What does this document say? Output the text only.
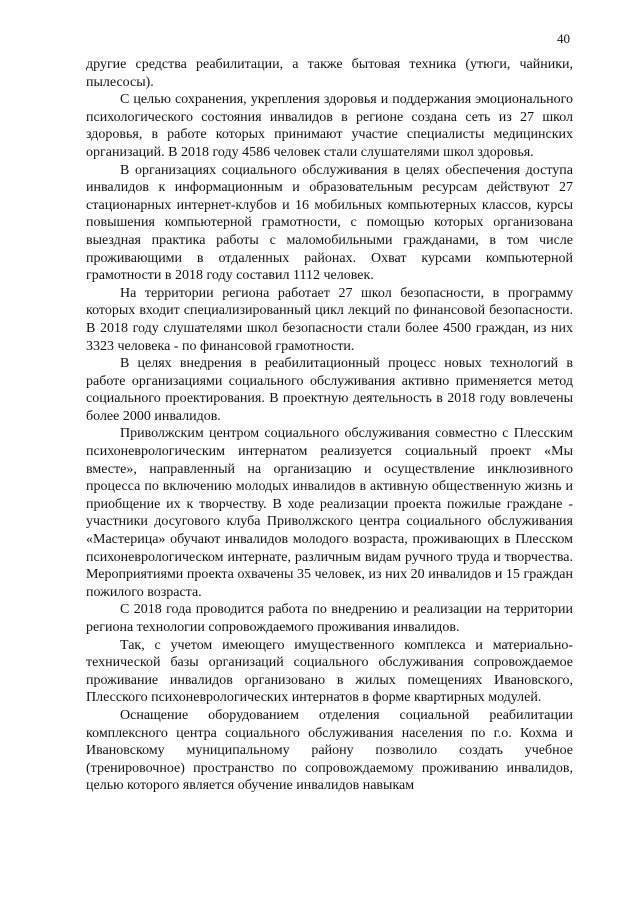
40

другие средства реабилитации, а также бытовая техника (утюги, чайники, пылесосы).

С целью сохранения, укрепления здоровья и поддержания эмоционального психологического состояния инвалидов в регионе создана сеть из 27 школ здоровья, в работе которых принимают участие специалисты медицинских организаций. В 2018 году 4586 человек стали слушателями школ здоровья.

В организациях социального обслуживания в целях обеспечения доступа инвалидов к информационным и образовательным ресурсам действуют 27 стационарных интернет-клубов и 16 мобильных компьютерных классов, курсы повышения компьютерной грамотности, с помощью которых организована выездная практика работы с маломобильными гражданами, в том числе проживающими в отдаленных районах. Охват курсами компьютерной грамотности в 2018 году составил 1112 человек.

На территории региона работает 27 школ безопасности, в программу которых входит специализированный цикл лекций по финансовой безопасности. В 2018 году слушателями школ безопасности стали более 4500 граждан, из них 3323 человека - по финансовой грамотности.

В целях внедрения в реабилитационный процесс новых технологий в работе организациями социального обслуживания активно применяется метод социального проектирования. В проектную деятельность в 2018 году вовлечены более 2000 инвалидов.

Приволжским центром социального обслуживания совместно с Плесским психоневрологическим интернатом реализуется социальный проект «Мы вместе», направленный на организацию и осуществление инклюзивного процесса по включению молодых инвалидов в активную общественную жизнь и приобщение их к творчеству. В ходе реализации проекта пожилые граждане - участники досугового клуба Приволжского центра социального обслуживания «Мастерица» обучают инвалидов молодого возраста, проживающих в Плесском психоневрологическом интернате, различным видам ручного труда и творчества. Мероприятиями проекта охвачены 35 человек, из них 20 инвалидов и 15 граждан пожилого возраста.

С 2018 года проводится работа по внедрению и реализации на территории региона технологии сопровождаемого проживания инвалидов.

Так, с учетом имеющего имущественного комплекса и материально-технической базы организаций социального обслуживания сопровождаемое проживание инвалидов организовано в жилых помещениях Ивановского, Плесского психоневрологических интернатов в форме квартирных модулей.

Оснащение оборудованием отделения социальной реабилитации комплексного центра социального обслуживания населения по г.о. Кохма и Ивановскому муниципальному району позволило создать учебное (тренировочное) пространство по сопровождаемому проживанию инвалидов, целью которого является обучение инвалидов навыкам
